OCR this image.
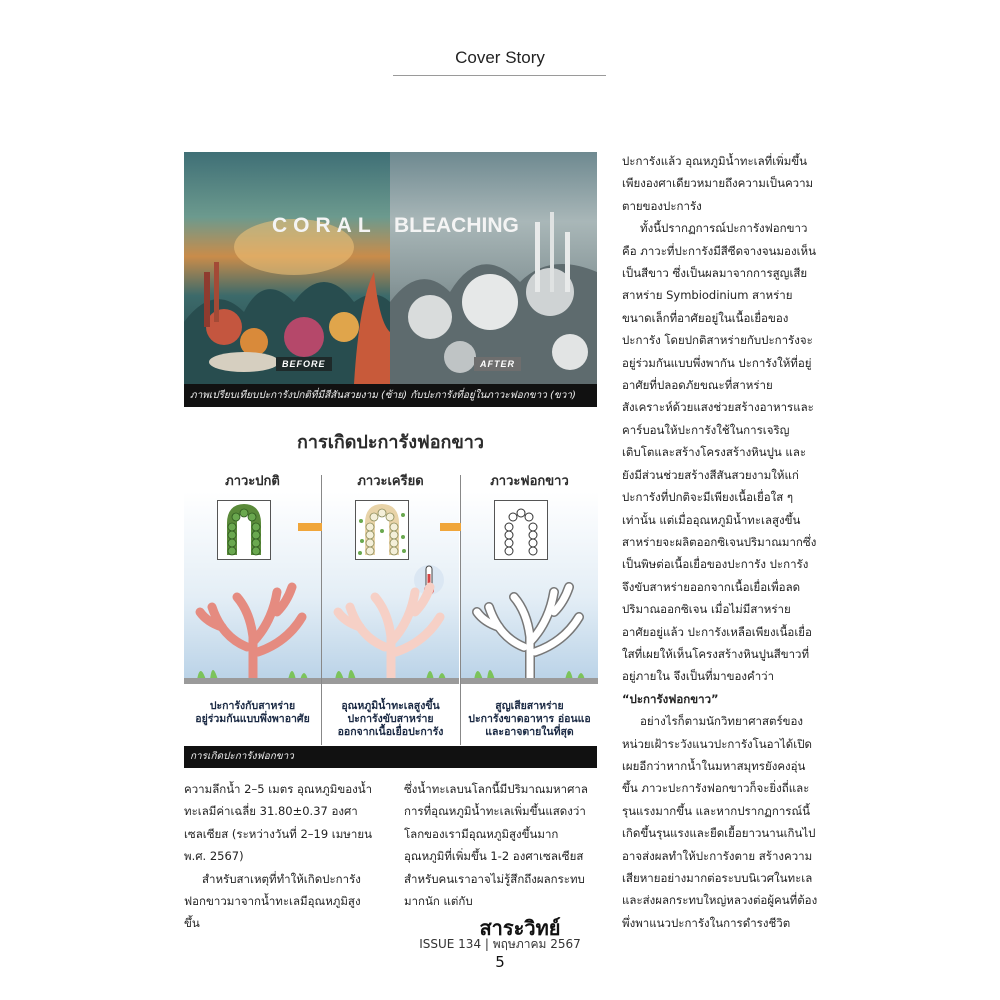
Cover Story
CORAL BLEACHING
BEFORE	AFTER
ภาพเปรียบเทียบปะการังปกติที่มีสีสันสวยงาม (ซ้าย) กับปะการังที่อยู่ในภาวะฟอกขาว (ขวา)
การเกิดปะการังฟอกขาว
ภาวะปกติ
ปะการังกับสาหร่าย
อยู่ร่วมกันแบบพึ่งพาอาศัย
ภาวะเครียด
อุณหภูมิน้ำทะเลสูงขึ้น
ปะการังขับสาหร่าย
ออกจากเนื้อเยื่อปะการัง
ภาวะฟอกขาว
สูญเสียสาหร่าย
ปะการังขาดอาหาร อ่อนแอ
และอาจตายในที่สุด
การเกิดปะการังฟอกขาว

ปะการังแล้ว อุณหภูมิน้ำทะเลที่เพิ่มขึ้นเพียงองศาเดียวหมายถึงความเป็นความตายของปะการัง

ทั้งนี้ปรากฏการณ์ปะการังฟอกขาว คือ ภาวะที่ปะการังมีสีซีดจางจนมองเห็นเป็นสีขาว ซึ่งเป็นผลมาจากการสูญเสียสาหร่าย Symbiodinium สาหร่ายขนาดเล็กที่อาศัยอยู่ในเนื้อเยื่อของปะการัง โดยปกติสาหร่ายกับปะการังจะอยู่ร่วมกันแบบพึ่งพากัน ปะการังให้ที่อยู่อาศัยที่ปลอดภัยขณะที่สาหร่ายสังเคราะห์ด้วยแสงช่วยสร้างอาหารและคาร์บอนให้ปะการังใช้ในการเจริญเติบโตและสร้างโครงสร้างหินปูน และยังมีส่วนช่วยสร้างสีสันสวยงามให้แก่ปะการังที่ปกติจะมีเพียงเนื้อเยื่อใส ๆ เท่านั้น แต่เมื่ออุณหภูมิน้ำทะเลสูงขึ้น สาหร่ายจะผลิตออกซิเจนปริมาณมากซึ่งเป็นพิษต่อเนื้อเยื่อของปะการัง ปะการังจึงขับสาหร่ายออกจากเนื้อเยื่อเพื่อลดปริมาณออกซิเจน เมื่อไม่มีสาหร่ายอาศัยอยู่แล้ว ปะการังเหลือเพียงเนื้อเยื่อใสที่เผยให้เห็นโครงสร้างหินปูนสีขาวที่อยู่ภายใน จึงเป็นที่มาของคำว่า “ปะการังฟอกขาว”

อย่างไรก็ตามนักวิทยาศาสตร์ของหน่วยเฝ้าระวังแนวปะการังโนอาได้เปิดเผยอีกว่าหากน้ำในมหาสมุทรยังคงอุ่นขึ้น ภาวะปะการังฟอกขาวก็จะยิ่งถี่และรุนแรงมากขึ้น และหากปรากฏการณ์นี้เกิดขึ้นรุนแรงและยืดเยื้อยาวนานเกินไป อาจส่งผลทำให้ปะการังตาย สร้างความเสียหายอย่างมากต่อระบบนิเวศในทะเลและส่งผลกระทบใหญ่หลวงต่อผู้คนที่ต้องพึ่งพาแนวปะการังในการดำรงชีวิต

ความลึกน้ำ 2–5 เมตร อุณหภูมิของน้ำทะเลมีค่าเฉลี่ย 31.80±0.37 องศาเซลเซียส (ระหว่างวันที่ 2–19 เมษายน พ.ศ. 2567)

สำหรับสาเหตุที่ทำให้เกิดปะการังฟอกขาวมาจากน้ำทะเลมีอุณหภูมิสูงขึ้น

ซึ่งน้ำทะเลบนโลกนี้มีปริมาณมหาศาลการที่อุณหภูมิน้ำทะเลเพิ่มขึ้นแสดงว่าโลกของเรามีอุณหภูมิสูงขึ้นมาก อุณหภูมิที่เพิ่มขึ้น 1-2 องศาเซลเซียส สำหรับคนเราอาจไม่รู้สึกถึงผลกระทบมากนัก แต่กับ

สาระวิทย์
ISSUE 134 | พฤษภาคม 2567
5
